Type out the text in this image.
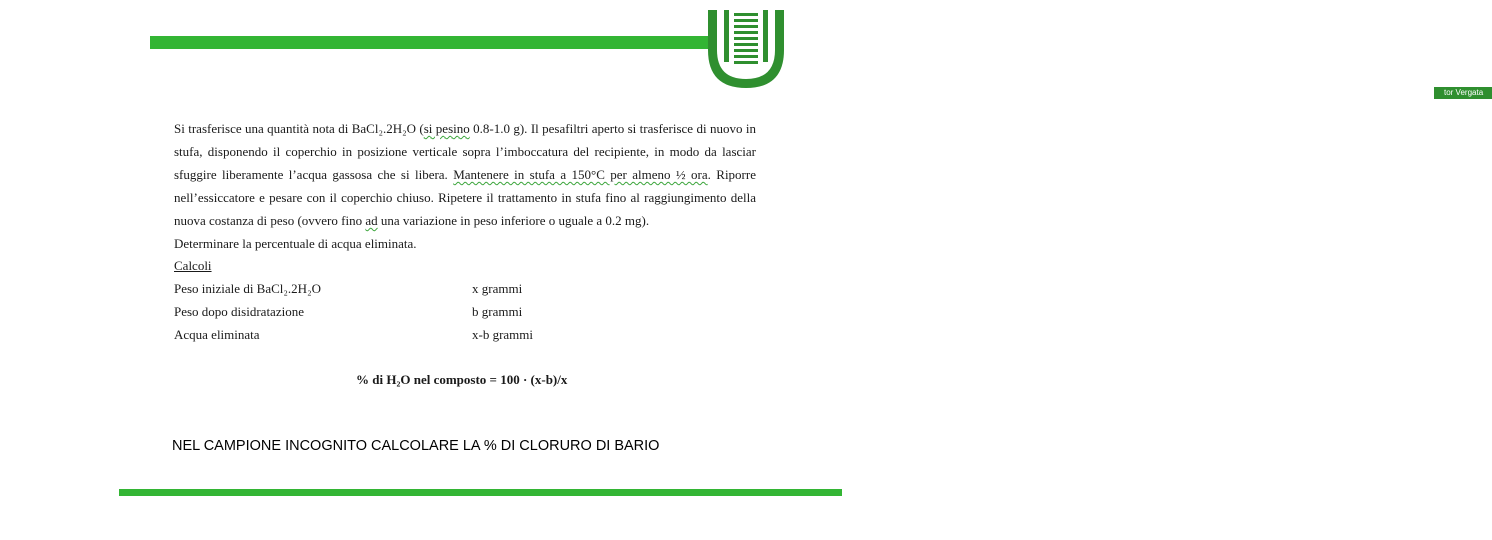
tor Vergata

Si trasferisce una quantità nota di BaCl₂.2H₂O (si pesino 0.8-1.0 g). Il pesafiltri aperto si trasferisce di nuovo in stufa, disponendo il coperchio in posizione verticale sopra l’imboccatura del recipiente, in modo da lasciar sfuggire liberamente l’acqua gassosa che si libera. Mantenere in stufa a 150°C per almeno ½ ora. Riporre nell’essiccatore e pesare con il coperchio chiuso. Ripetere il trattamento in stufa fino al raggiungimento della nuova costanza di peso (ovvero fino ad una variazione in peso inferiore o uguale a 0.2 mg).

Determinare la percentuale di acqua eliminata.

Calcoli
Peso iniziale di BaCl₂.2H₂O	x grammi
Peso dopo disidratazione	b grammi
Acqua eliminata	x-b grammi
% di H₂O nel composto = 100 · (x-b)/x
NEL CAMPIONE INCOGNITO CALCOLARE LA % DI CLORURO DI BARIO
